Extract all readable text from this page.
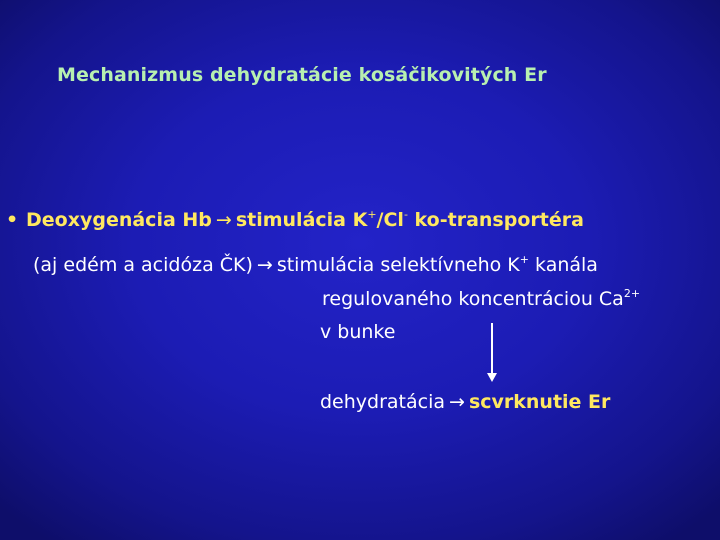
Mechanizmus dehydratácie kosáčikovitých Er
• Deoxygenácia Hb → stimulácia K+/Cl- ko-transportéra
(aj edém a acidóza ČK) → stimulácia selektívneho K+ kanála
regulovaného koncentráciou $Ca^{2+}$
v bunke
dehydratácia → scvrknutie Er
